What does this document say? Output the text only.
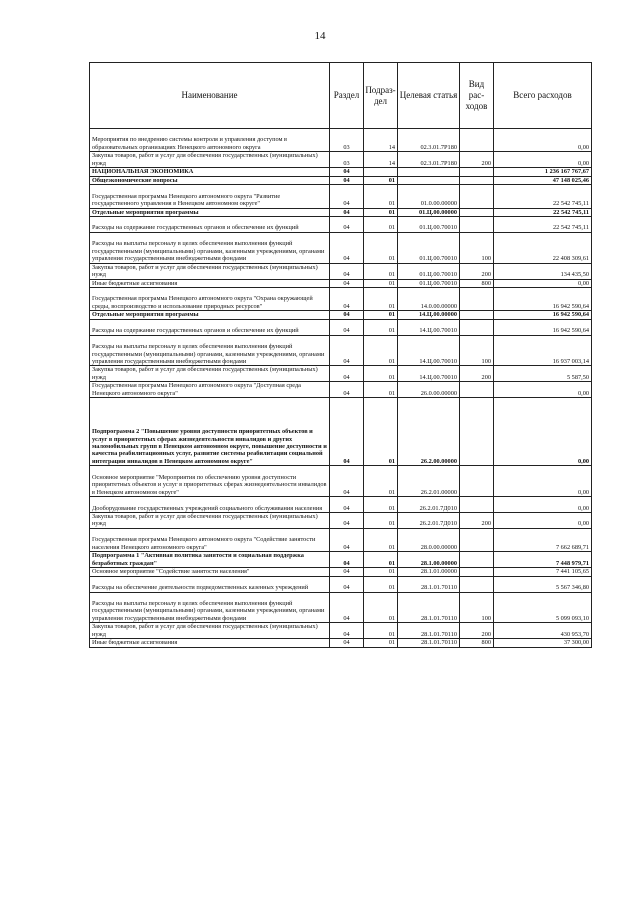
14
Наименование	Раздел	Подраз-дел	Целевая статья	Вид рас-ходов	Всего расходов
Мероприятия по внедрению системы контроля и управления доступом в образовательных организациях Ненецкого автономного округа	03	14	02.3.01.7Р180		0,00
Закупка товаров, работ и услуг для обеспечения государственных (муниципальных) нужд	03	14	02.3.01.7Р180	200	0,00
НАЦИОНАЛЬНАЯ ЭКОНОМИКА	04				1 236 167 767,67
Общеэкономические вопросы	04	01			47 148 025,46
Государственная программа Ненецкого автономного округа "Развитие государственного управления в Ненецком автономном округе"	04	01	01.0.00.00000		22 542 745,11
Отдельные мероприятия программы	04	01	01.Ц.00.00000		22 542 745,11
Расходы на содержание государственных органов и обеспечение их функций	04	01	01.Ц.00.70010		22 542 745,11
Расходы на выплаты персоналу в целях обеспечения выполнения функций государственными (муниципальными) органами, казенными учреждениями, органами управления государственными внебюджетными фондами	04	01	01.Ц.00.70010	100	22 408 309,61
Закупка товаров, работ и услуг для обеспечения государственных (муниципальных) нужд	04	01	01.Ц.00.70010	200	134 435,50
Иные бюджетные ассигнования	04	01	01.Ц.00.70010	800	0,00
Государственная программа Ненецкого автономного округа "Охрана окружающей среды, воспроизводство и использование природных ресурсов"	04	01	14.0.00.00000		16 942 590,64
Отдельные мероприятия программы	04	01	14.Ц.00.00000		16 942 590,64
Расходы на содержание государственных органов и обеспечение их функций	04	01	14.Ц.00.70010		16 942 590,64
Расходы на выплаты персоналу в целях обеспечения выполнения функций государственными (муниципальными) органами, казенными учреждениями, органами управления государственными внебюджетными фондами	04	01	14.Ц.00.70010	100	16 937 003,14
Закупка товаров, работ и услуг для обеспечения государственных (муниципальных) нужд	04	01	14.Ц.00.70010	200	5 587,50
Государственная программа Ненецкого автономного округа "Доступная среда Ненецкого автономного округа"	04	01	26.0.00.00000		0,00
Подпрограмма 2 "Повышение уровня доступности приоритетных объектов и услуг в приоритетных сферах жизнедеятельности инвалидов и других маломобильных групп в Ненецком автономном округе, повышение доступности и качества реабилитационных услуг, развитие системы реабилитации социальной интеграции инвалидов в Ненецком автономном округе"	04	01	26.2.00.00000		0,00
Основное мероприятие "Мероприятия по обеспечению уровня доступности приоритетных объектов и услуг в приоритетных сферах жизнедеятельности инвалидов в Ненецком автономном округе"	04	01	26.2.01.00000		0,00
Дооборудование государственных учреждений социального обслуживания населения	04	01	26.2.01.7Д010		0,00
Закупка товаров, работ и услуг для обеспечения государственных (муниципальных) нужд	04	01	26.2.01.7Д010	200	0,00
Государственная программа Ненецкого автономного округа "Содействие занятости населения Ненецкого автономного округа"	04	01	28.0.00.00000		7 662 689,71
Подпрограмма 1 "Активная политика занятости и социальная поддержка безработных граждан"	04	01	28.1.00.00000		7 448 979,71
Основное мероприятие "Содействие занятости населения"	04	01	28.1.01.00000		7 441 105,65
Расходы на обеспечение деятельности подведомственных казенных учреждений	04	01	28.1.01.70110		5 567 346,80
Расходы на выплаты персоналу в целях обеспечения выполнения функций государственными (муниципальными) органами, казенными учреждениями, органами управления государственными внебюджетными фондами	04	01	28.1.01.70110	100	5 099 093,10
Закупка товаров, работ и услуг для обеспечения государственных (муниципальных) нужд	04	01	28.1.01.70110	200	430 953,70
Иные бюджетные ассигнования	04	01	28.1.01.70110	800	37 300,00
